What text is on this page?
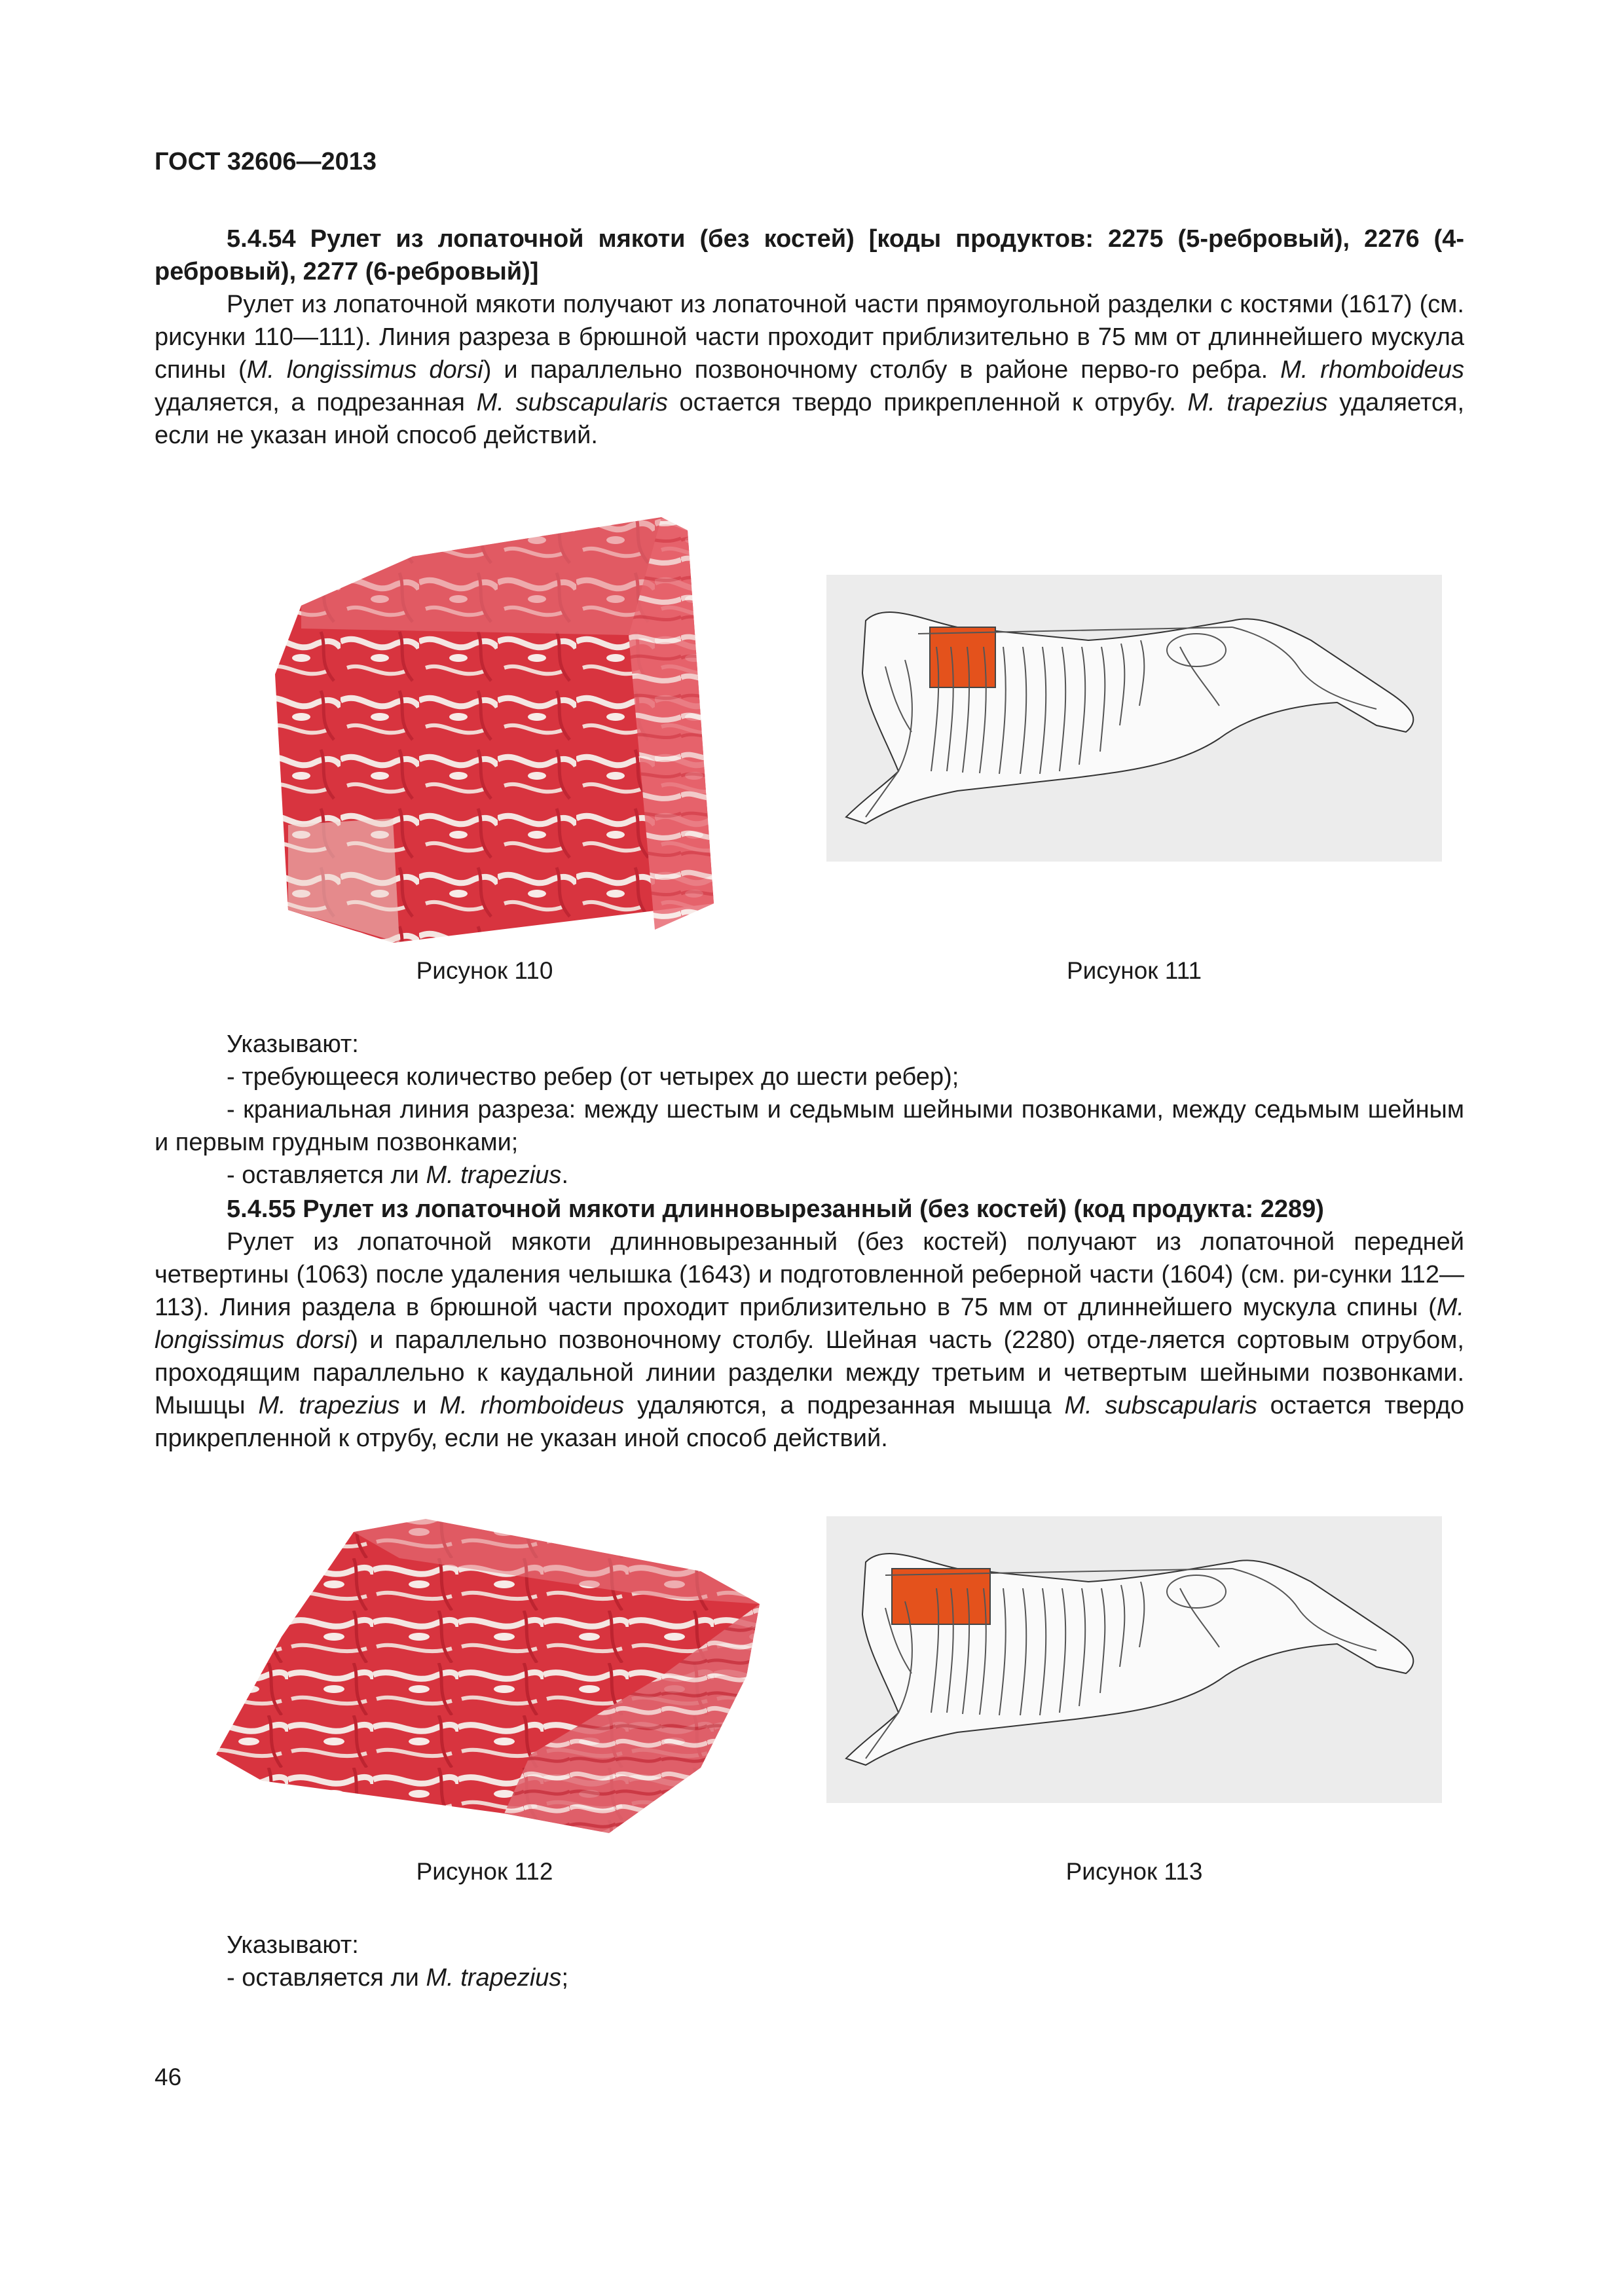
ГОСТ 32606—2013
5.4.54 Рулет из лопаточной мякоти (без костей) [коды продуктов: 2275 (5-ребровый), 2276 (4-ребровый), 2277 (6-ребровый)]
Рулет из лопаточной мякоти получают из лопаточной части прямоугольной разделки с костями (1617) (см. рисунки 110—111). Линия разреза в брюшной части проходит приблизительно в 75 мм от длиннейшего мускула спины (M. longissimus dorsi) и параллельно позвоночному столбу в районе перво-го ребра. M. rhomboideus удаляется, а подрезанная M. subscapularis остается твердо прикрепленной к отрубу. M. trapezius удаляется, если не указан иной способ действий.
Рисунок 110	Рисунок 111
Указывают:
- требующееся количество ребер (от четырех до шести ребер);
- краниальная линия разреза: между шестым и седьмым шейными позвонками, между седьмым шейным и первым грудным позвонками;
- оставляется ли M. trapezius.
5.4.55 Рулет из лопаточной мякоти длинновырезанный (без костей) (код продукта: 2289)
Рулет из лопаточной мякоти длинновырезанный (без костей) получают из лопаточной передней четвертины (1063) после удаления челышка (1643) и подготовленной реберной части (1604) (см. ри-сунки 112—113). Линия раздела в брюшной части проходит приблизительно в 75 мм от длиннейшего мускула спины (M. longissimus dorsi) и параллельно позвоночному столбу. Шейная часть (2280) отде-ляется сортовым отрубом, проходящим параллельно к каудальной линии разделки между третьим и четвертым шейными позвонками. Мышцы M. trapezius и M. rhomboideus удаляются, а подрезанная мышца M. subscapularis остается твердо прикрепленной к отрубу, если не указан иной способ действий.
Рисунок 112	Рисунок 113
Указывают:
- оставляется ли M. trapezius;
46
